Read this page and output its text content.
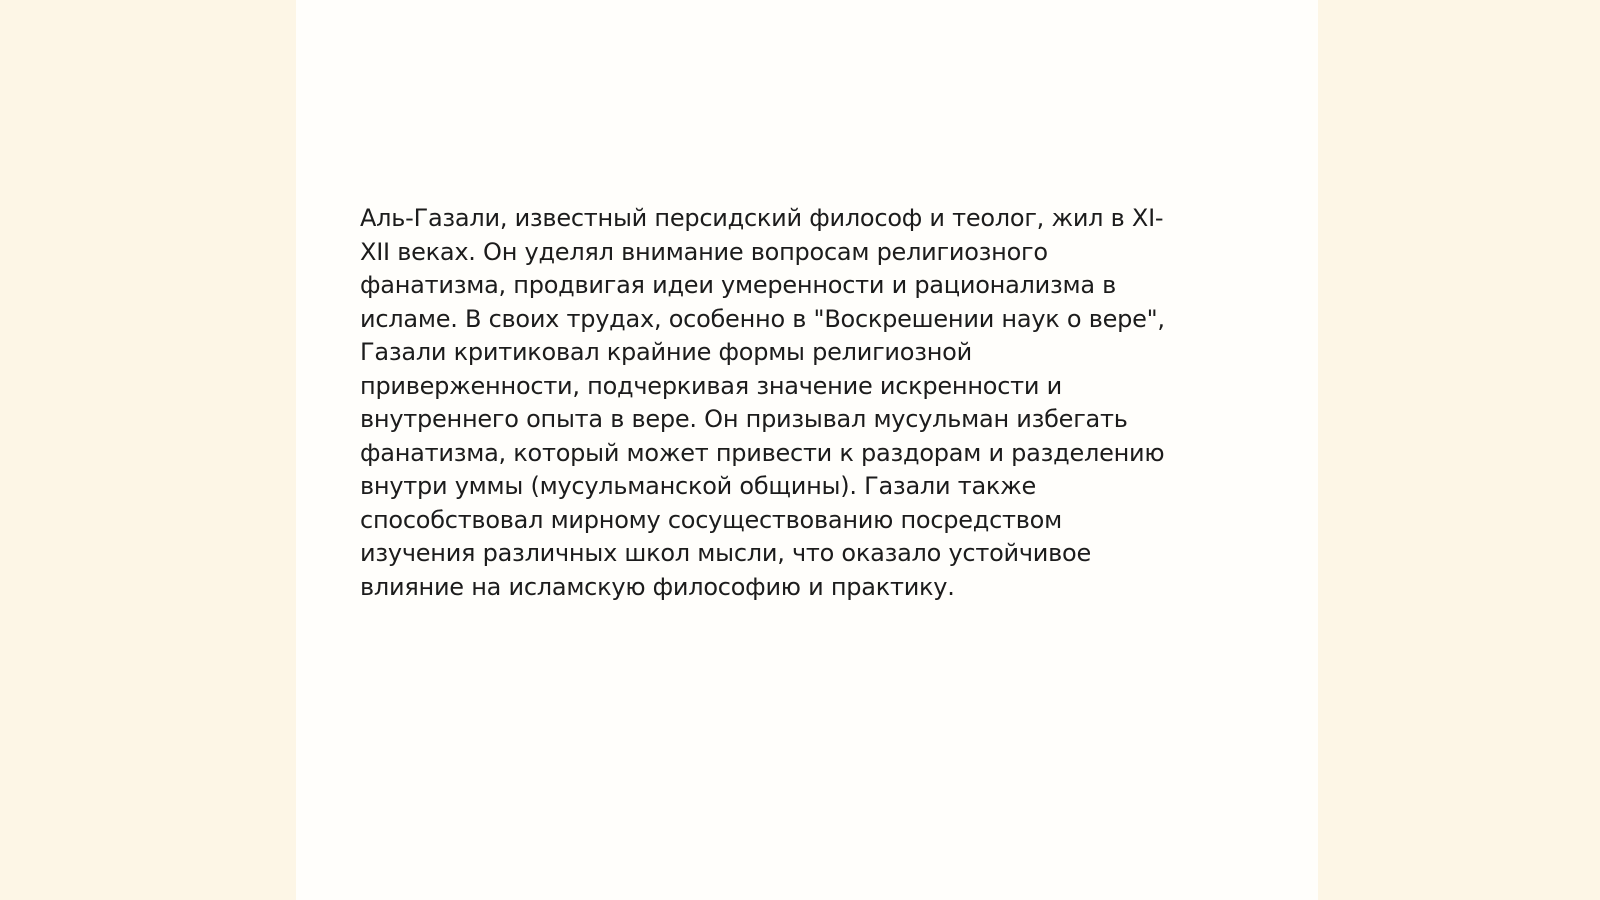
Аль-Газали, известный персидский философ и теолог, жил в XI-
XII веках. Он уделял внимание вопросам религиозного
фанатизма, продвигая идеи умеренности и рационализма в
исламе. В своих трудах, особенно в "Воскрешении наук о вере",
Газали критиковал крайние формы религиозной
приверженности, подчеркивая значение искренности и
внутреннего опыта в вере. Он призывал мусульман избегать
фанатизма, который может привести к раздорам и разделению
внутри уммы (мусульманской общины). Газали также
способствовал мирному сосуществованию посредством
изучения различных школ мысли, что оказало устойчивое
влияние на исламскую философию и практику.
